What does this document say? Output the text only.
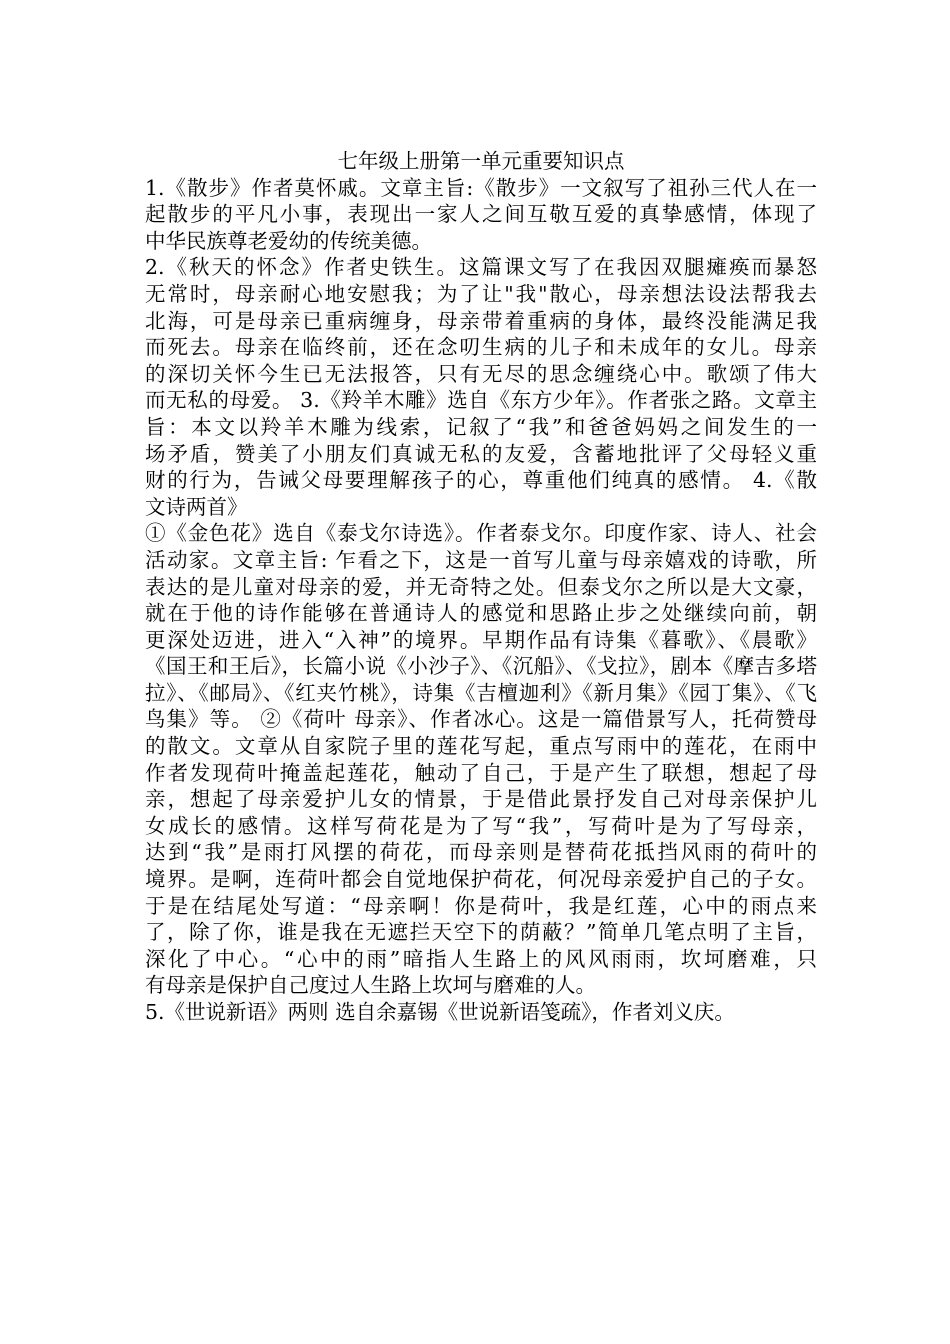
七年级上册第一单元重要知识点
1.《散步》作者莫怀戚。文章主旨:《散步》一文叙写了祖孙三代人在一
起散步的平凡小事，表现出一家人之间互敬互爱的真挚感情，体现了
中华民族尊老爱幼的传统美德。
2.《秋天的怀念》作者史铁生。这篇课文写了在我因双腿瘫痪而暴怒
无常时，母亲耐心地安慰我；为了让"我"散心，母亲想法设法帮我去
北海，可是母亲已重病缠身，母亲带着重病的身体，最终没能满足我
而死去。母亲在临终前，还在念叨生病的儿子和未成年的女儿。母亲
的深切关怀今生已无法报答，只有无尽的思念缠绕心中。歌颂了伟大
而无私的母爱。 3.《羚羊木雕》选自《东方少年》。作者张之路。文章主
旨：本文以羚羊木雕为线索，记叙了“我”和爸爸妈妈之间发生的一
场矛盾，赞美了小朋友们真诚无私的友爱，含蓄地批评了父母轻义重
财的行为，告诫父母要理解孩子的心，尊重他们纯真的感情。 4.《散
文诗两首》
①《金色花》选自《泰戈尔诗选》。作者泰戈尔。印度作家、诗人、社会
活动家。文章主旨: 乍看之下，这是一首写儿童与母亲嬉戏的诗歌，所
表达的是儿童对母亲的爱，并无奇特之处。但泰戈尔之所以是大文豪，
就在于他的诗作能够在普通诗人的感觉和思路止步之处继续向前，朝
更深处迈进，进入“入神”的境界。早期作品有诗集《暮歌》、《晨歌》
《国王和王后》，长篇小说《小沙子》、《沉船》、《戈拉》，剧本《摩吉多塔
拉》、《邮局》、《红夹竹桃》，诗集《吉檀迦利》《新月集》《园丁集》、《飞
鸟集》等。 ②《荷叶 母亲》、作者冰心。这是一篇借景写人，托荷赞母
的散文。文章从自家院子里的莲花写起，重点写雨中的莲花，在雨中
作者发现荷叶掩盖起莲花，触动了自己，于是产生了联想，想起了母
亲，想起了母亲爱护儿女的情景，于是借此景抒发自己对母亲保护儿
女成长的感情。这样写荷花是为了写“我”，写荷叶是为了写母亲，
达到“我”是雨打风摆的荷花，而母亲则是替荷花抵挡风雨的荷叶的
境界。是啊，连荷叶都会自觉地保护荷花，何况母亲爱护自己的子女。
于是在结尾处写道：“母亲啊！你是荷叶，我是红莲，心中的雨点来
了，除了你，谁是我在无遮拦天空下的荫蔽？”简单几笔点明了主旨，
深化了中心。“心中的雨”暗指人生路上的风风雨雨，坎坷磨难，只
有母亲是保护自己度过人生路上坎坷与磨难的人。
5.《世说新语》两则 选自余嘉锡《世说新语笺疏》，作者刘义庆。
